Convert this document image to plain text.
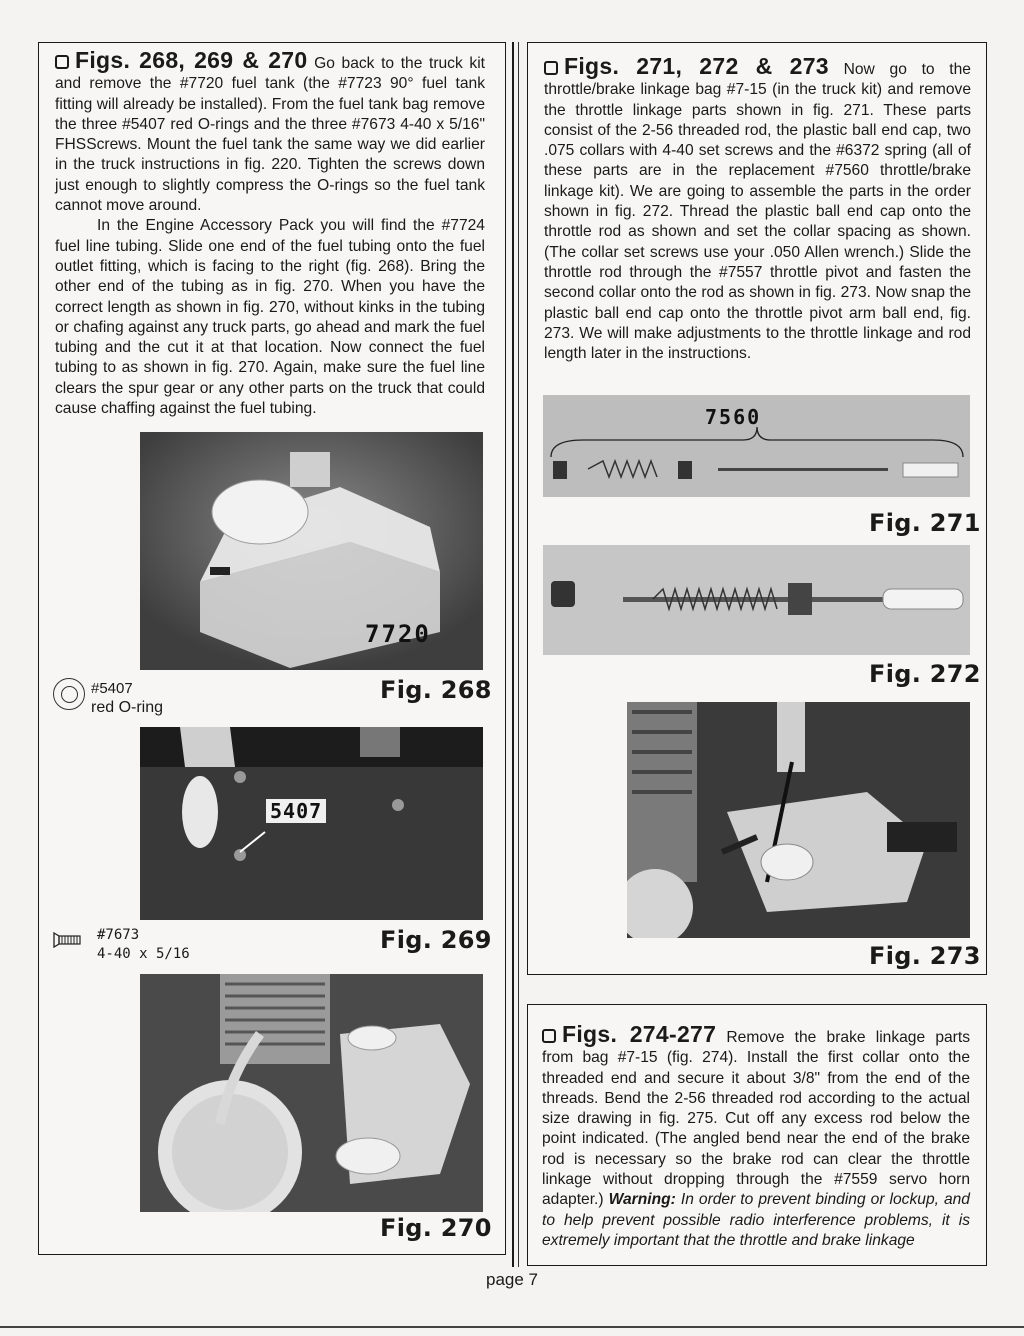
Figs. 268, 269 & 270 Go back to the truck kit and remove the #7720 fuel tank (the #7723 90° fuel tank fitting will already be installed). From the fuel tank bag remove the three #5407 red O-rings and the three #7673 4-40 x 5/16" FHSScrews. Mount the fuel tank the same way we did earlier in the truck instructions in fig. 220. Tighten the screws down just enough to slightly compress the O-rings so the fuel tank cannot move around.

In the Engine Accessory Pack you will find the #7724 fuel line tubing. Slide one end of the fuel tubing onto the fuel outlet fitting, which is facing to the right (fig. 268). Bring the other end of the tubing as in fig. 270. When you have the correct length as shown in fig. 270, without kinks in the tubing or chafing against any truck parts, go ahead and mark the fuel tubing and the cut it at that location. Now connect the fuel tubing to as shown in fig. 270. Again, make sure the fuel line clears the spur gear or any other parts on the truck that could cause chaffing against the fuel tubing.

7720
#5407
red O-ring
Fig. 268
5407
#7673
4-40 x 5/16	Fig. 269
Fig. 270

Figs. 271, 272 & 273 Now go to the throttle/brake linkage bag #7-15 (in the truck kit) and remove the throttle linkage parts shown in fig. 271. These parts consist of the 2-56 threaded rod, the plastic ball end cap, two .075 collars with 4-40 set screws and the #6372 spring (all of these parts are in the replacement #7560 throttle/brake linkage kit). We are going to assemble the parts in the order shown in fig. 272. Thread the plastic ball end cap onto the throttle rod as shown and set the collar spacing as shown. (The collar set screws use your .050 Allen wrench.) Slide the throttle rod through the #7557 throttle pivot and fasten the second collar onto the rod as shown in fig. 273. Now snap the plastic ball end cap onto the throttle pivot arm ball end, fig. 273. We will make adjustments to the throttle linkage and rod length later in the instructions.

7560
Fig. 271
Fig. 272
Fig. 273

Figs. 274-277 Remove the brake linkage parts from bag #7-15 (fig. 274). Install the first collar onto the threaded end and secure it about 3/8" from the end of the threads. Bend the 2-56 threaded rod according to the actual size drawing in fig. 275. Cut off any excess rod below the point indicated. (The angled bend near the end of the brake rod is necessary so the brake rod can clear the throttle linkage without dropping through the #7559 servo horn adapter.) Warning: In order to prevent binding or lockup, and to help prevent possible radio interference problems, it is extremely important that the throttle and brake linkage

page 7
